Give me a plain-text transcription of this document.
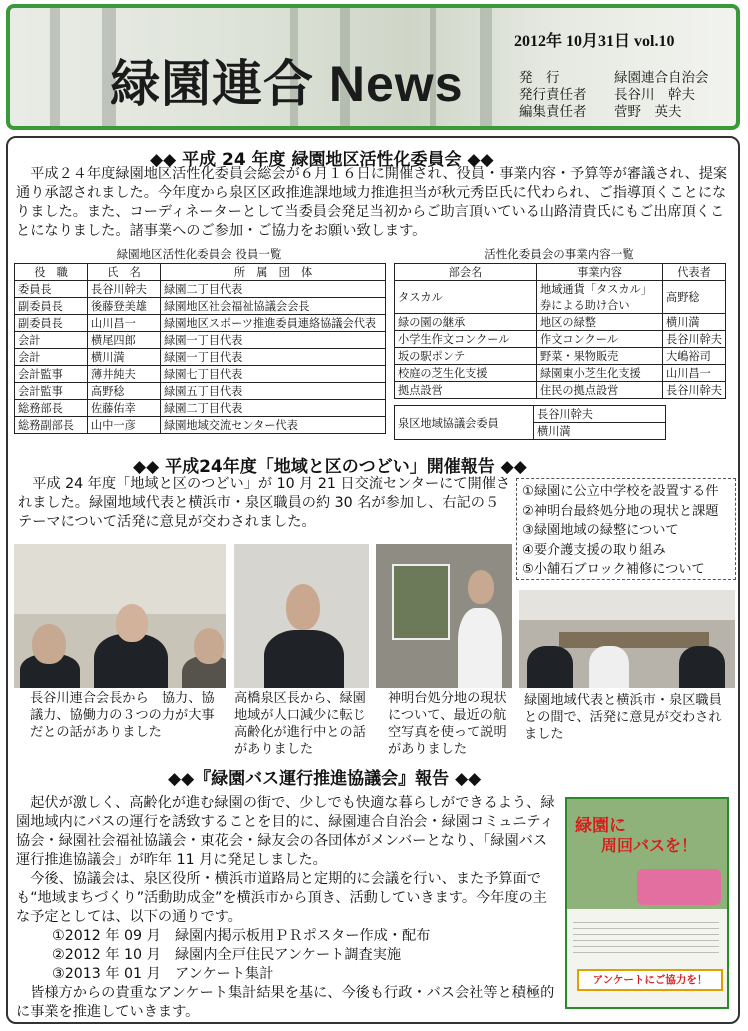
緑園連合 News
2012年 10月31日 vol.10
発　行	緑園連合自治会
発行責任者 長谷川　幹夫
編集責任者 菅野　英夫
◆◆ 平成 24 年度 緑園地区活性化委員会 ◆◆
　平成２４年度緑園地区活性化委員会総会が６月１６日に開催され、役員・事業内容・予算等が審議され、提案通り承認されました。今年度から泉区区政推進課地域力推進担当が秋元秀臣氏に代わられ、ご指導頂くことになりました。また、コーディネーターとして当委員会発足当初からご助言頂いている山路清貴氏にもご出席頂くことになりました。諸事業へのご参加・ご協力をお願い致します。
緑園地区活性化委員会 役員一覧
役　職	氏　名	所　属　団　体
委員長	長谷川幹夫	緑園二丁目代表
副委員長	後藤登美雄	緑園地区社会福祉協議会会長
副委員長	山川昌一	緑園地区スポーツ推進委員連絡協議会代表
会計	横尾四郎	緑園一丁目代表
会計	横川満	緑園一丁目代表
会計監事	薄井純夫	緑園七丁目代表
会計監事	高野稔	緑園五丁目代表
総務部長	佐藤佑幸	緑園二丁目代表
総務副部長	山中一彦	緑園地域交流センター代表
活性化委員会の事業内容一覧
部会名	事業内容	代表者
タスカル	地域通貨「タスカル」券による助け合い	高野稔
緑の園の継承	地区の緑整	横川満
小学生作文コンクール	作文コンクール	長谷川幹夫
坂の駅ポンテ	野菜・果物販売	大嶋裕司
校庭の芝生化支援	緑園東小芝生化支援	山川昌一
拠点設営	住民の拠点設営	長谷川幹夫
泉区地域協議会委員	長谷川幹夫
横川満
◆◆ 平成24年度「地域と区のつどい」開催報告 ◆◆
　平成 24 年度「地域と区のつどい」が 10 月 21 日交流センターにて開催されました。緑園地域代表と横浜市・泉区職員の約 30 名が参加し、右記の５テーマについて活発に意見が交わされました。
①緑園に公立中学校を設置する件
②神明台最終処分地の現状と課題
③緑園地域の緑整について
④要介護支援の取り組み
⑤小舗石ブロック補修について
長谷川連合会長から　協力、協議力、協働力の３つの力が大事だとの話がありました
高橋泉区長から、緑園地域が人口減少に転じ高齢化が進行中との話がありました
神明台処分地の現状について、最近の航空写真を使って説明がありました
緑園地域代表と横浜市・泉区職員との間で、活発に意見が交わされました
◆◆『緑園バス運行推進協議会』報告 ◆◆
　起伏が激しく、高齢化が進む緑園の街で、少しでも快適な暮らしができるよう、緑園地域内にバスの運行を誘致することを目的に、緑園連合自治会・緑園コミュニティ協会・緑園社会福祉協議会・東花会・緑友会の各団体がメンバーとなり、「緑園バス運行推進協議会」が昨年 11 月に発足しました。
　今後、協議会は、泉区役所・横浜市道路局と定期的に会議を行い、また予算面でも“地域まちづくり”活動助成金”を横浜市から頂き、活動していきます。今年度の主な予定としては、以下の通りです。
①2012 年 09 月　緑園内掲示板用ＰＲポスター作成・配布
②2012 年 10 月　緑園内全戸住民アンケート調査実施
③2013 年 01 月　アンケート集計
　皆様方からの貴重なアンケート集計結果を基に、今後も行政・バス会社等と積極的に事業を推進していきます。
緑園に
周回バスを！
アンケートにご協力を！
